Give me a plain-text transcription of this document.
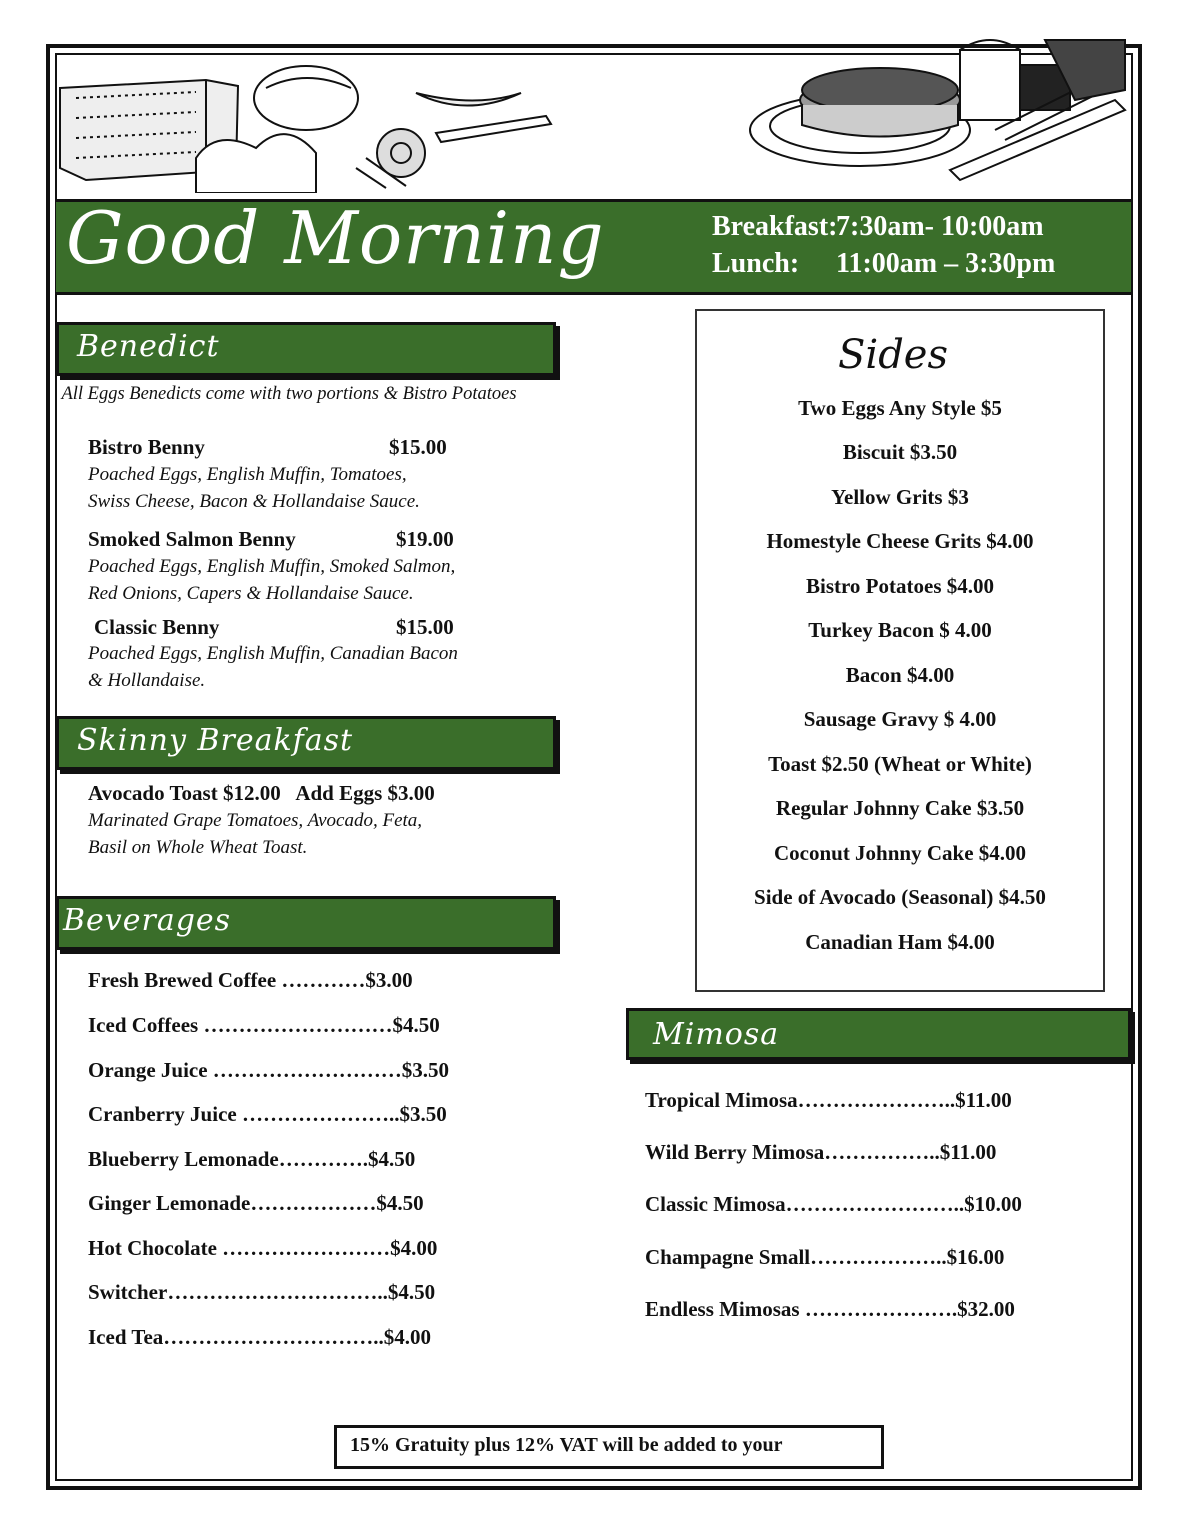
Good Morning	Breakfast:7:30am- 10:00am
Lunch: 11:00am – 3:30pm
Benedict
All Eggs Benedicts come with two portions & Bistro Potatoes
Bistro Benny	$15.00
Poached Eggs, English Muffin, Tomatoes,
Swiss Cheese, Bacon & Hollandaise Sauce.
Smoked Salmon Benny	$19.00
Poached Eggs, English Muffin, Smoked Salmon,
Red Onions, Capers & Hollandaise Sauce.
Classic Benny	$15.00
Poached Eggs, English Muffin, Canadian Bacon
& Hollandaise.
Skinny Breakfast
Avocado Toast $12.00   Add Eggs $3.00
Marinated Grape Tomatoes, Avocado, Feta,
Basil on Whole Wheat Toast.
Beverages
Fresh Brewed Coffee …………$3.00
Iced Coffees ………………………$4.50
Orange Juice ………………………$3.50
Cranberry Juice …………………..$3.50
Blueberry Lemonade………….$4.50
Ginger Lemonade………………$4.50
Hot Chocolate ……………………$4.00
Switcher…………………………..$4.50
Iced Tea…………………………..$4.00
Sides
Two Eggs Any Style $5
Biscuit $3.50
Yellow Grits $3
Homestyle Cheese Grits $4.00
Bistro Potatoes $4.00
Turkey Bacon $ 4.00
Bacon $4.00
Sausage Gravy $ 4.00
Toast $2.50 (Wheat or White)
Regular Johnny Cake $3.50
Coconut Johnny Cake $4.00
Side of Avocado (Seasonal) $4.50
Canadian Ham $4.00
Mimosa
Tropical Mimosa…………………..$11.00
Wild Berry Mimosa……………..$11.00
Classic Mimosa……………………..$10.00
Champagne Small………………..$16.00
Endless Mimosas ………………….$32.00
15% Gratuity plus 12% VAT will be added to your
